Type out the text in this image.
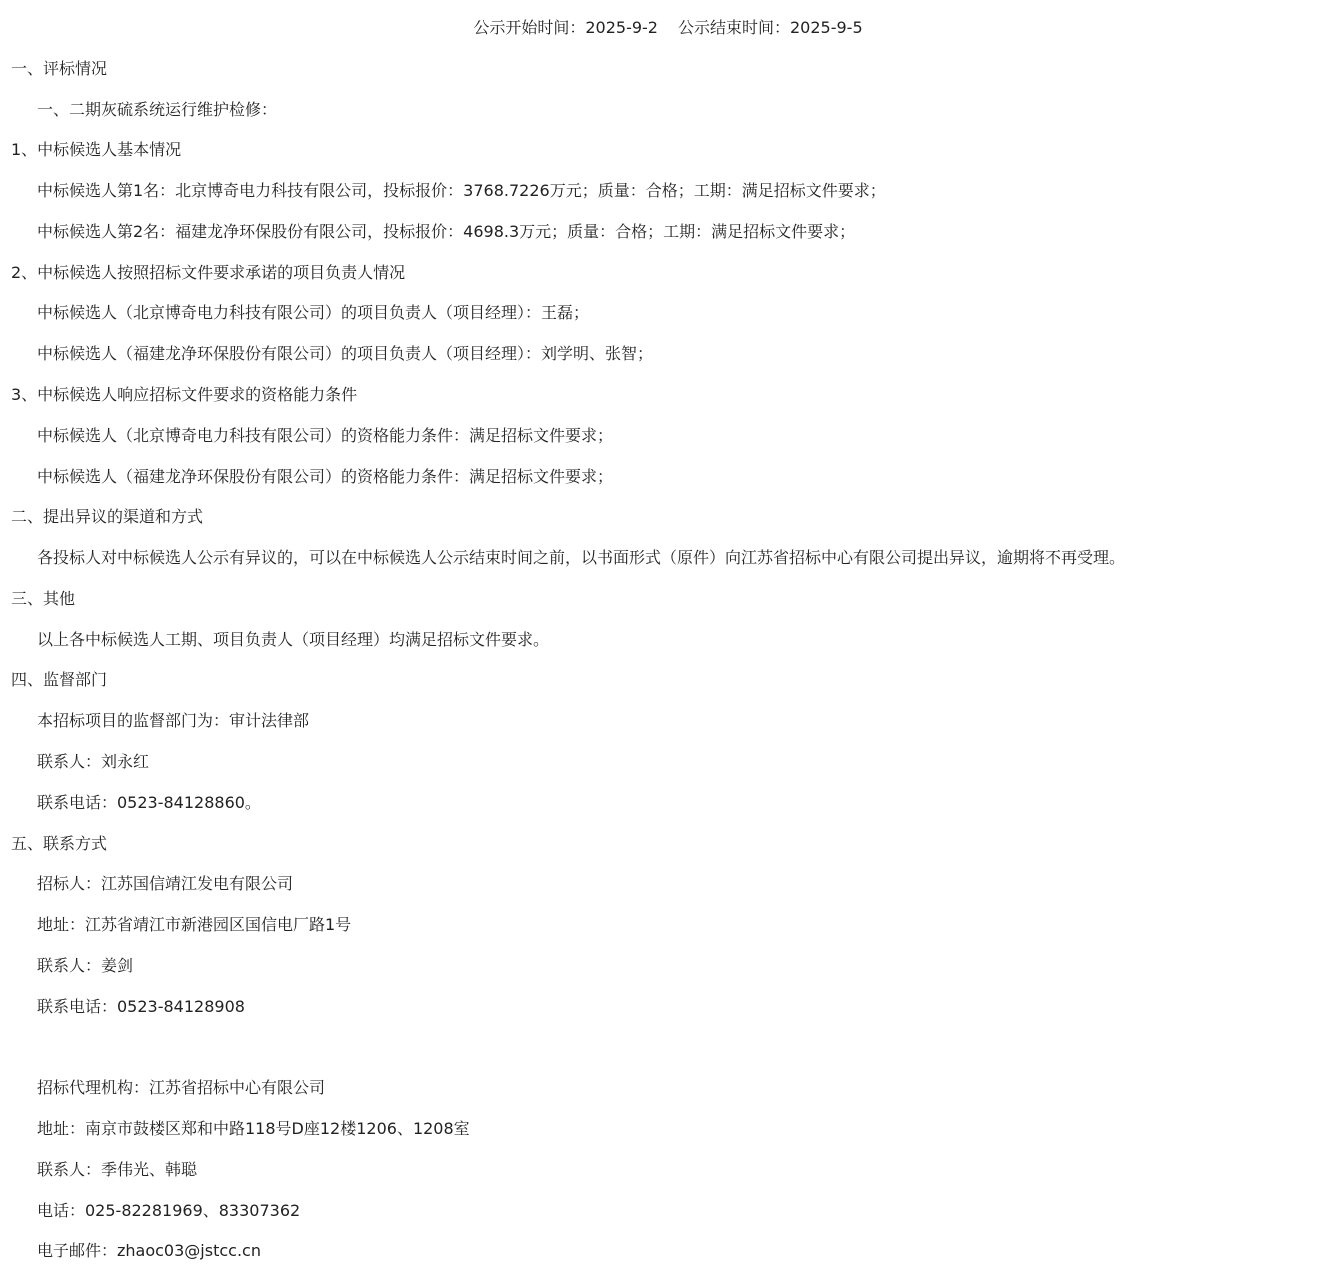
公示开始时间：2025-9-2 公示结束时间：2025-9-5
一、评标情况
一、二期灰硫系统运行维护检修：
1、中标候选人基本情况
中标候选人第1名：北京博奇电力科技有限公司，投标报价：3768.7226万元；质量：合格；工期：满足招标文件要求；
中标候选人第2名：福建龙净环保股份有限公司，投标报价：4698.3万元；质量：合格；工期：满足招标文件要求；
2、中标候选人按照招标文件要求承诺的项目负责人情况
中标候选人（北京博奇电力科技有限公司）的项目负责人（项目经理）：王磊；
中标候选人（福建龙净环保股份有限公司）的项目负责人（项目经理）：刘学明、张智；
3、中标候选人响应招标文件要求的资格能力条件
中标候选人（北京博奇电力科技有限公司）的资格能力条件：满足招标文件要求；
中标候选人（福建龙净环保股份有限公司）的资格能力条件：满足招标文件要求；
二、提出异议的渠道和方式
各投标人对中标候选人公示有异议的，可以在中标候选人公示结束时间之前，以书面形式（原件）向江苏省招标中心有限公司提出异议，逾期将不再受理。
三、其他
以上各中标候选人工期、项目负责人（项目经理）均满足招标文件要求。
四、监督部门
本招标项目的监督部门为：审计法律部
联系人：刘永红
联系电话：0523-84128860。
五、联系方式
招标人：江苏国信靖江发电有限公司
地址：江苏省靖江市新港园区国信电厂路1号
联系人：姜剑
联系电话：0523-84128908
招标代理机构：江苏省招标中心有限公司
地址：南京市鼓楼区郑和中路118号D座12楼1206、1208室
联系人：季伟光、韩聪
电话：025-82281969、83307362
电子邮件：zhaoc03@jstcc.cn
